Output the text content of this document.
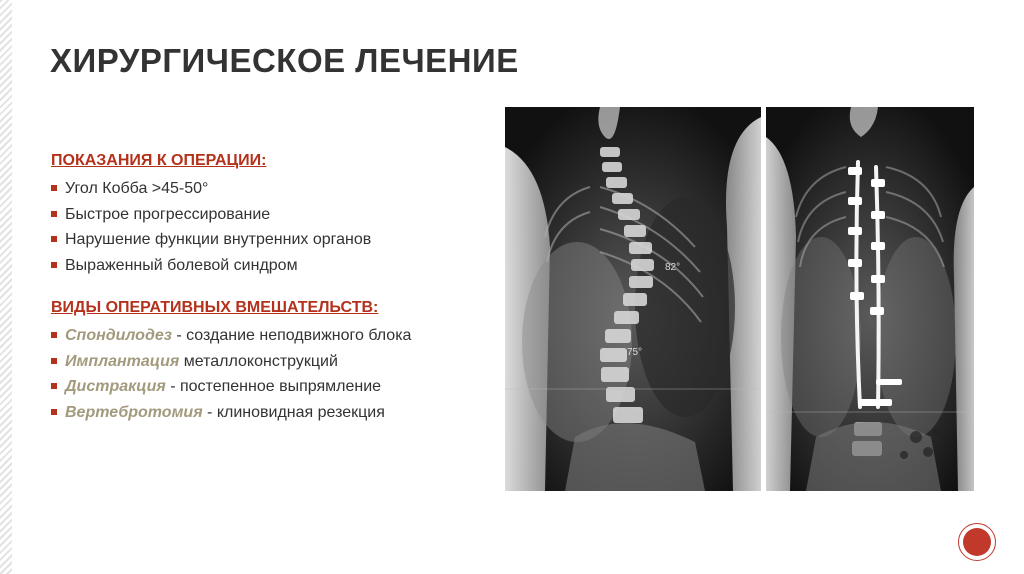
ХИРУРГИЧЕСКОЕ ЛЕЧЕНИЕ
ПОКАЗАНИЯ К ОПЕРАЦИИ:
Угол Кобба >45-50°
Быстрое прогрессирование
Нарушение функции внутренних органов
Выраженный болевой синдром
ВИДЫ ОПЕРАТИВНЫХ ВМЕШАТЕЛЬСТВ:
Спондилодез - создание неподвижного блока
Имплантация металлоконструкций
Дистракция - постепенное выпрямление
Вертебротомия - клиновидная резекция
82°
75°
